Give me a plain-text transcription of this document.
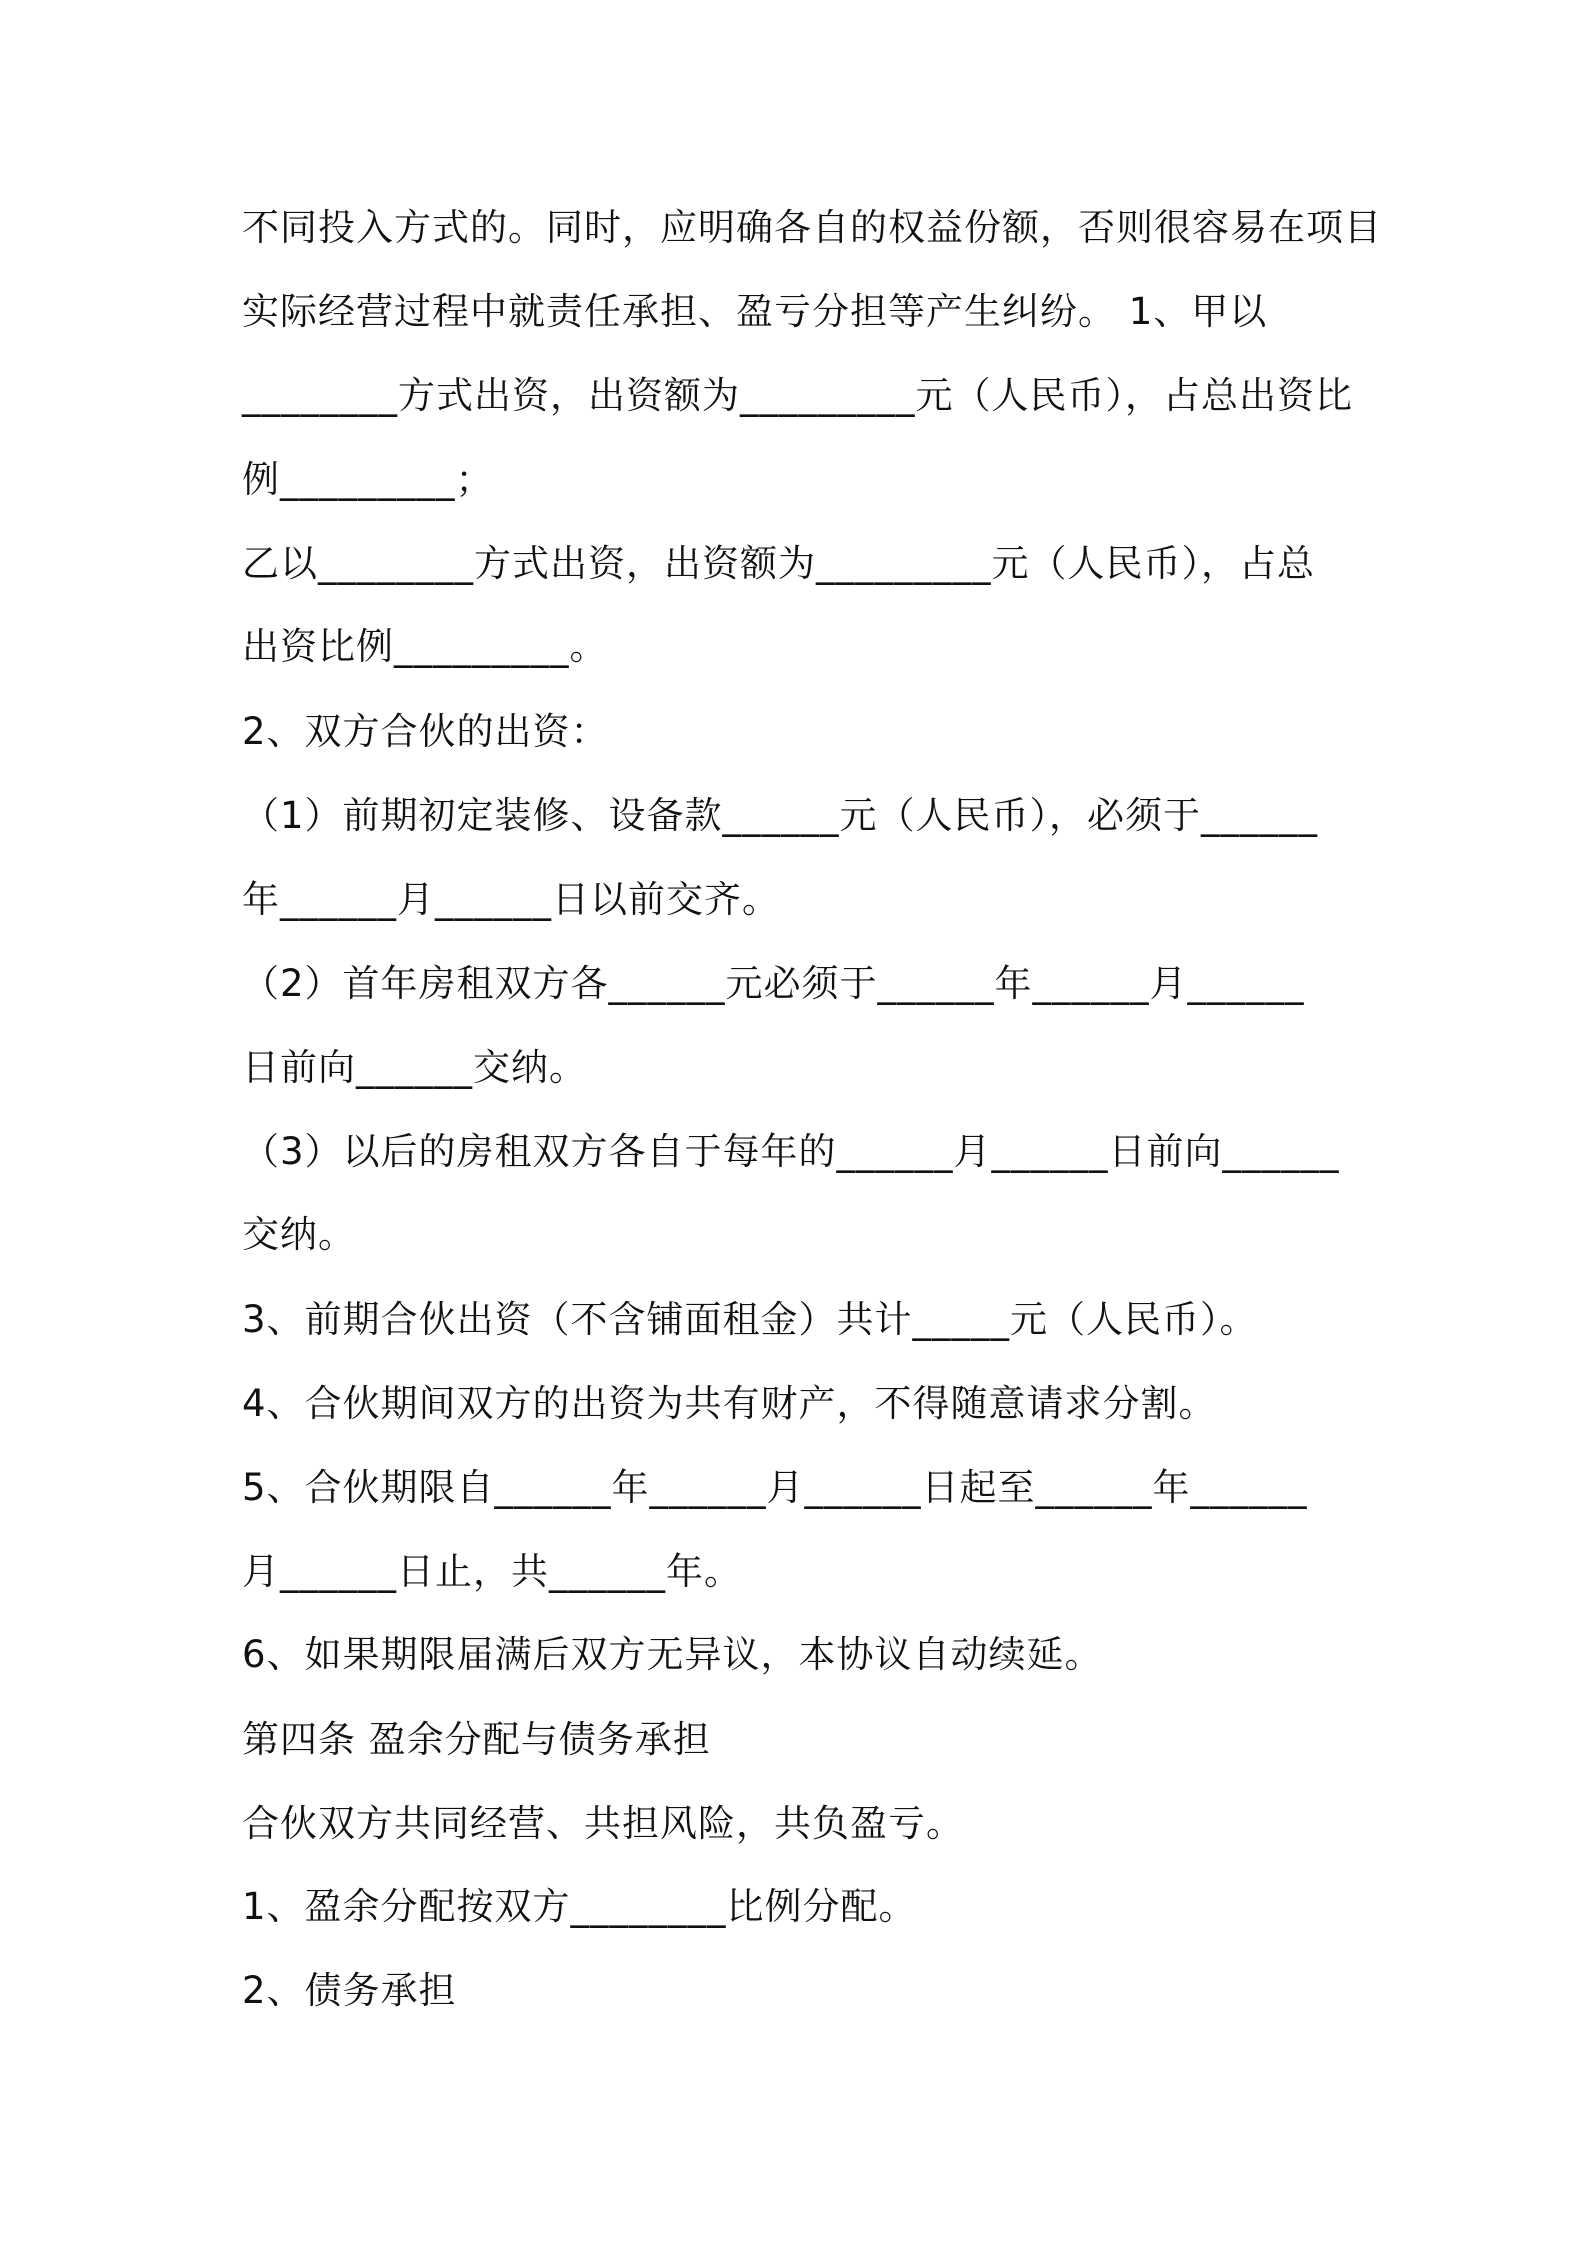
不同投入方式的。同时，应明确各自的权益份额，否则很容易在项目
实际经营过程中就责任承担、盈亏分担等产生纠纷。 1、甲以
________方式出资，出资额为_________元（人民币），占总出资比
例_________；
乙以________方式出资，出资额为_________元（人民币），占总
出资比例_________。
2、双方合伙的出资：
（1）前期初定装修、设备款______元（人民币），必须于______
年______月______日以前交齐。
（2）首年房租双方各______元必须于______年______月______
日前向______交纳。
（3）以后的房租双方各自于每年的______月______日前向______
交纳。
3、前期合伙出资（不含铺面租金）共计_____元（人民币）。
4、合伙期间双方的出资为共有财产，不得随意请求分割。
5、合伙期限自______年______月______日起至______年______
月______日止，共______年。
6、如果期限届满后双方无异议，本协议自动续延。
第四条 盈余分配与债务承担
合伙双方共同经营、共担风险，共负盈亏。
1、盈余分配按双方________比例分配。
2、债务承担
